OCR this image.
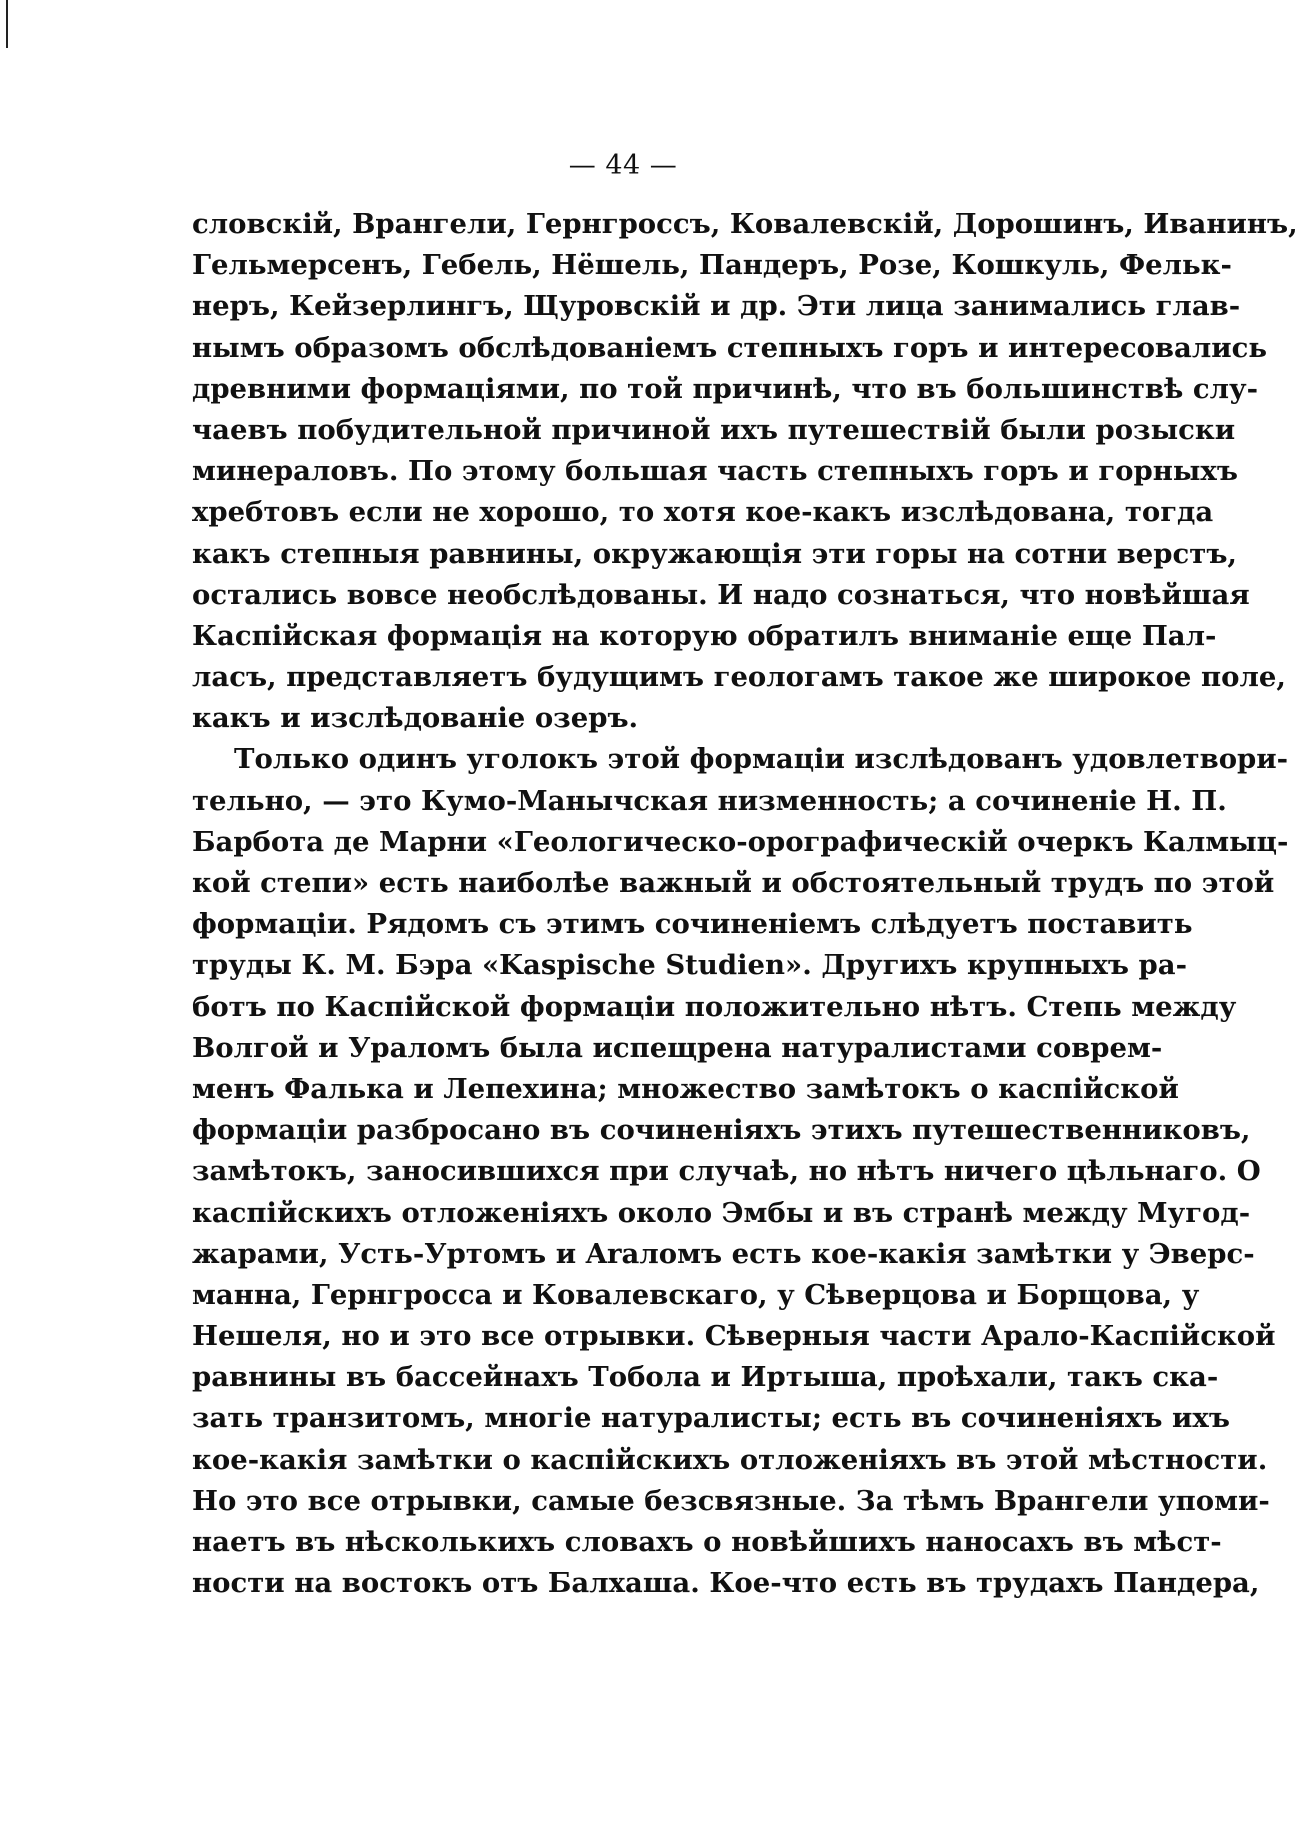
— 44 —
словскій, Врангели, Гернгроссъ, Ковалевскій, Дорошинъ, Иванинъ,
Гельмерсенъ, Гебель, Нёшель, Пандеръ, Розе, Кошкуль, Фельк-
неръ, Кейзерлингъ, Щуровскій и др. Эти лица занимались глав-
нымъ образомъ обслѣдованіемъ степныхъ горъ и интересовались
древними формаціями, по той причинѣ, что въ большинствѣ слу-
чаевъ побудительной причиной ихъ путешествій были розыски
минераловъ. По этому большая часть степныхъ горъ и горныхъ
хребтовъ если не хорошо, то хотя кое-какъ изслѣдована, тогда
какъ степныя равнины, окружающія эти горы на сотни верстъ,
остались вовсе необслѣдованы. И надо сознаться, что новѣйшая
Каспійская формація на которую обратилъ вниманіе еще Пал-
ласъ, представляетъ будущимъ геологамъ такое же широкое поле,
какъ и изслѣдованіе озеръ.
Только одинъ уголокъ этой формаціи изслѣдованъ удовлетвори-
тельно, — это Кумо-Манычская низменность; а сочиненіе Н. П.
Барбота де Марни «Геологическо-орографическій очеркъ Калмыц-
кой степи» есть наиболѣе важный и обстоятельный трудъ по этой
формаціи. Рядомъ съ этимъ сочиненіемъ слѣдуетъ поставить
труды К. М. Бэра «Kaspische Studien». Другихъ крупныхъ ра-
ботъ по Каспійской формаціи положительно нѣтъ. Степь между
Волгой и Ураломъ была испещрена натуралистами соврем-
менъ Фалька и Лепехина; множество замѣтокъ о каспійской
формаціи разбросано въ сочиненіяхъ этихъ путешественниковъ,
замѣтокъ, заносившихся при случаѣ, но нѣтъ ничего цѣльнаго. О
каспійскихъ отложеніяхъ около Эмбы и въ странѣ между Мугод-
жарами, Усть-Уртомъ и Araломъ есть кое-какія замѣтки у Эверс-
манна, Гернгросса и Ковалевскаго, у Сѣверцова и Борщова, у
Нешеля, но и это все отрывки. Сѣверныя части Арало-Каспійской
равнины въ бассейнахъ Тобола и Иртыша, проѣхали, такъ ска-
зать транзитомъ, многіе натуралисты; есть въ сочиненіяхъ ихъ
кое-какія замѣтки о каспійскихъ отложеніяхъ въ этой мѣстности.
Но это все отрывки, самые безсвязные. За тѣмъ Врангели упоми-
наетъ въ нѣсколькихъ словахъ о новѣйшихъ наносахъ въ мѣст-
ности на востокъ отъ Балхаша. Кое-что есть въ трудахъ Пандера,
